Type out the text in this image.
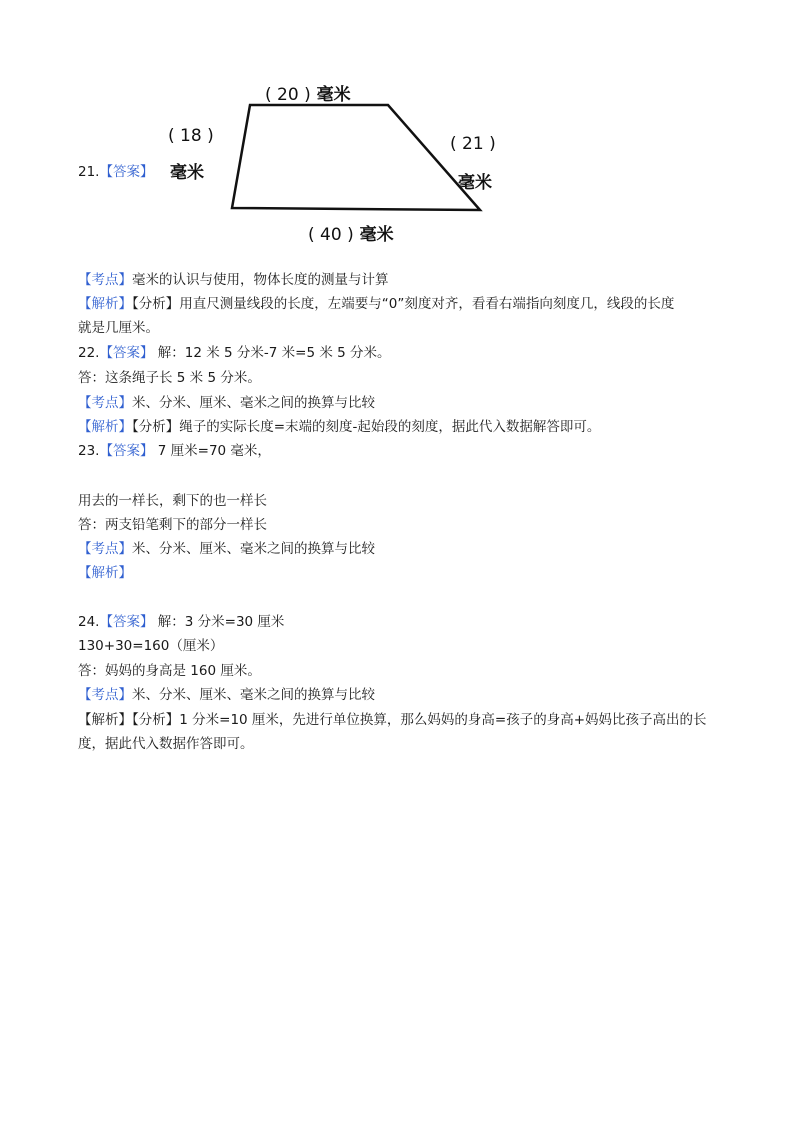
21.【答案】
( 20 ) 毫米
( 18 )
毫米
( 21 )
毫米
( 40 ) 毫米
【考点】毫米的认识与使用，物体长度的测量与计算
【解析】【分析】用直尺测量线段的长度，左端要与“0”刻度对齐，看看右端指向刻度几，线段的长度
就是几厘米。
22.【答案】 解：12 米 5 分米-7 米=5 米 5 分米。
答：这条绳子长 5 米 5 分米。
【考点】米、分米、厘米、毫米之间的换算与比较
【解析】【分析】绳子的实际长度=末端的刻度-起始段的刻度，据此代入数据解答即可。
23.【答案】 7 厘米=70 毫米，
用去的一样长，剩下的也一样长
答：两支铅笔剩下的部分一样长
【考点】米、分米、厘米、毫米之间的换算与比较
【解析】
24.【答案】 解：3 分米=30 厘米
130+30=160（厘米）
答：妈妈的身高是 160 厘米。
【考点】米、分米、厘米、毫米之间的换算与比较
【解析】【分析】1 分米=10 厘米，先进行单位换算，那么妈妈的身高=孩子的身高+妈妈比孩子高出的长
度，据此代入数据作答即可。
